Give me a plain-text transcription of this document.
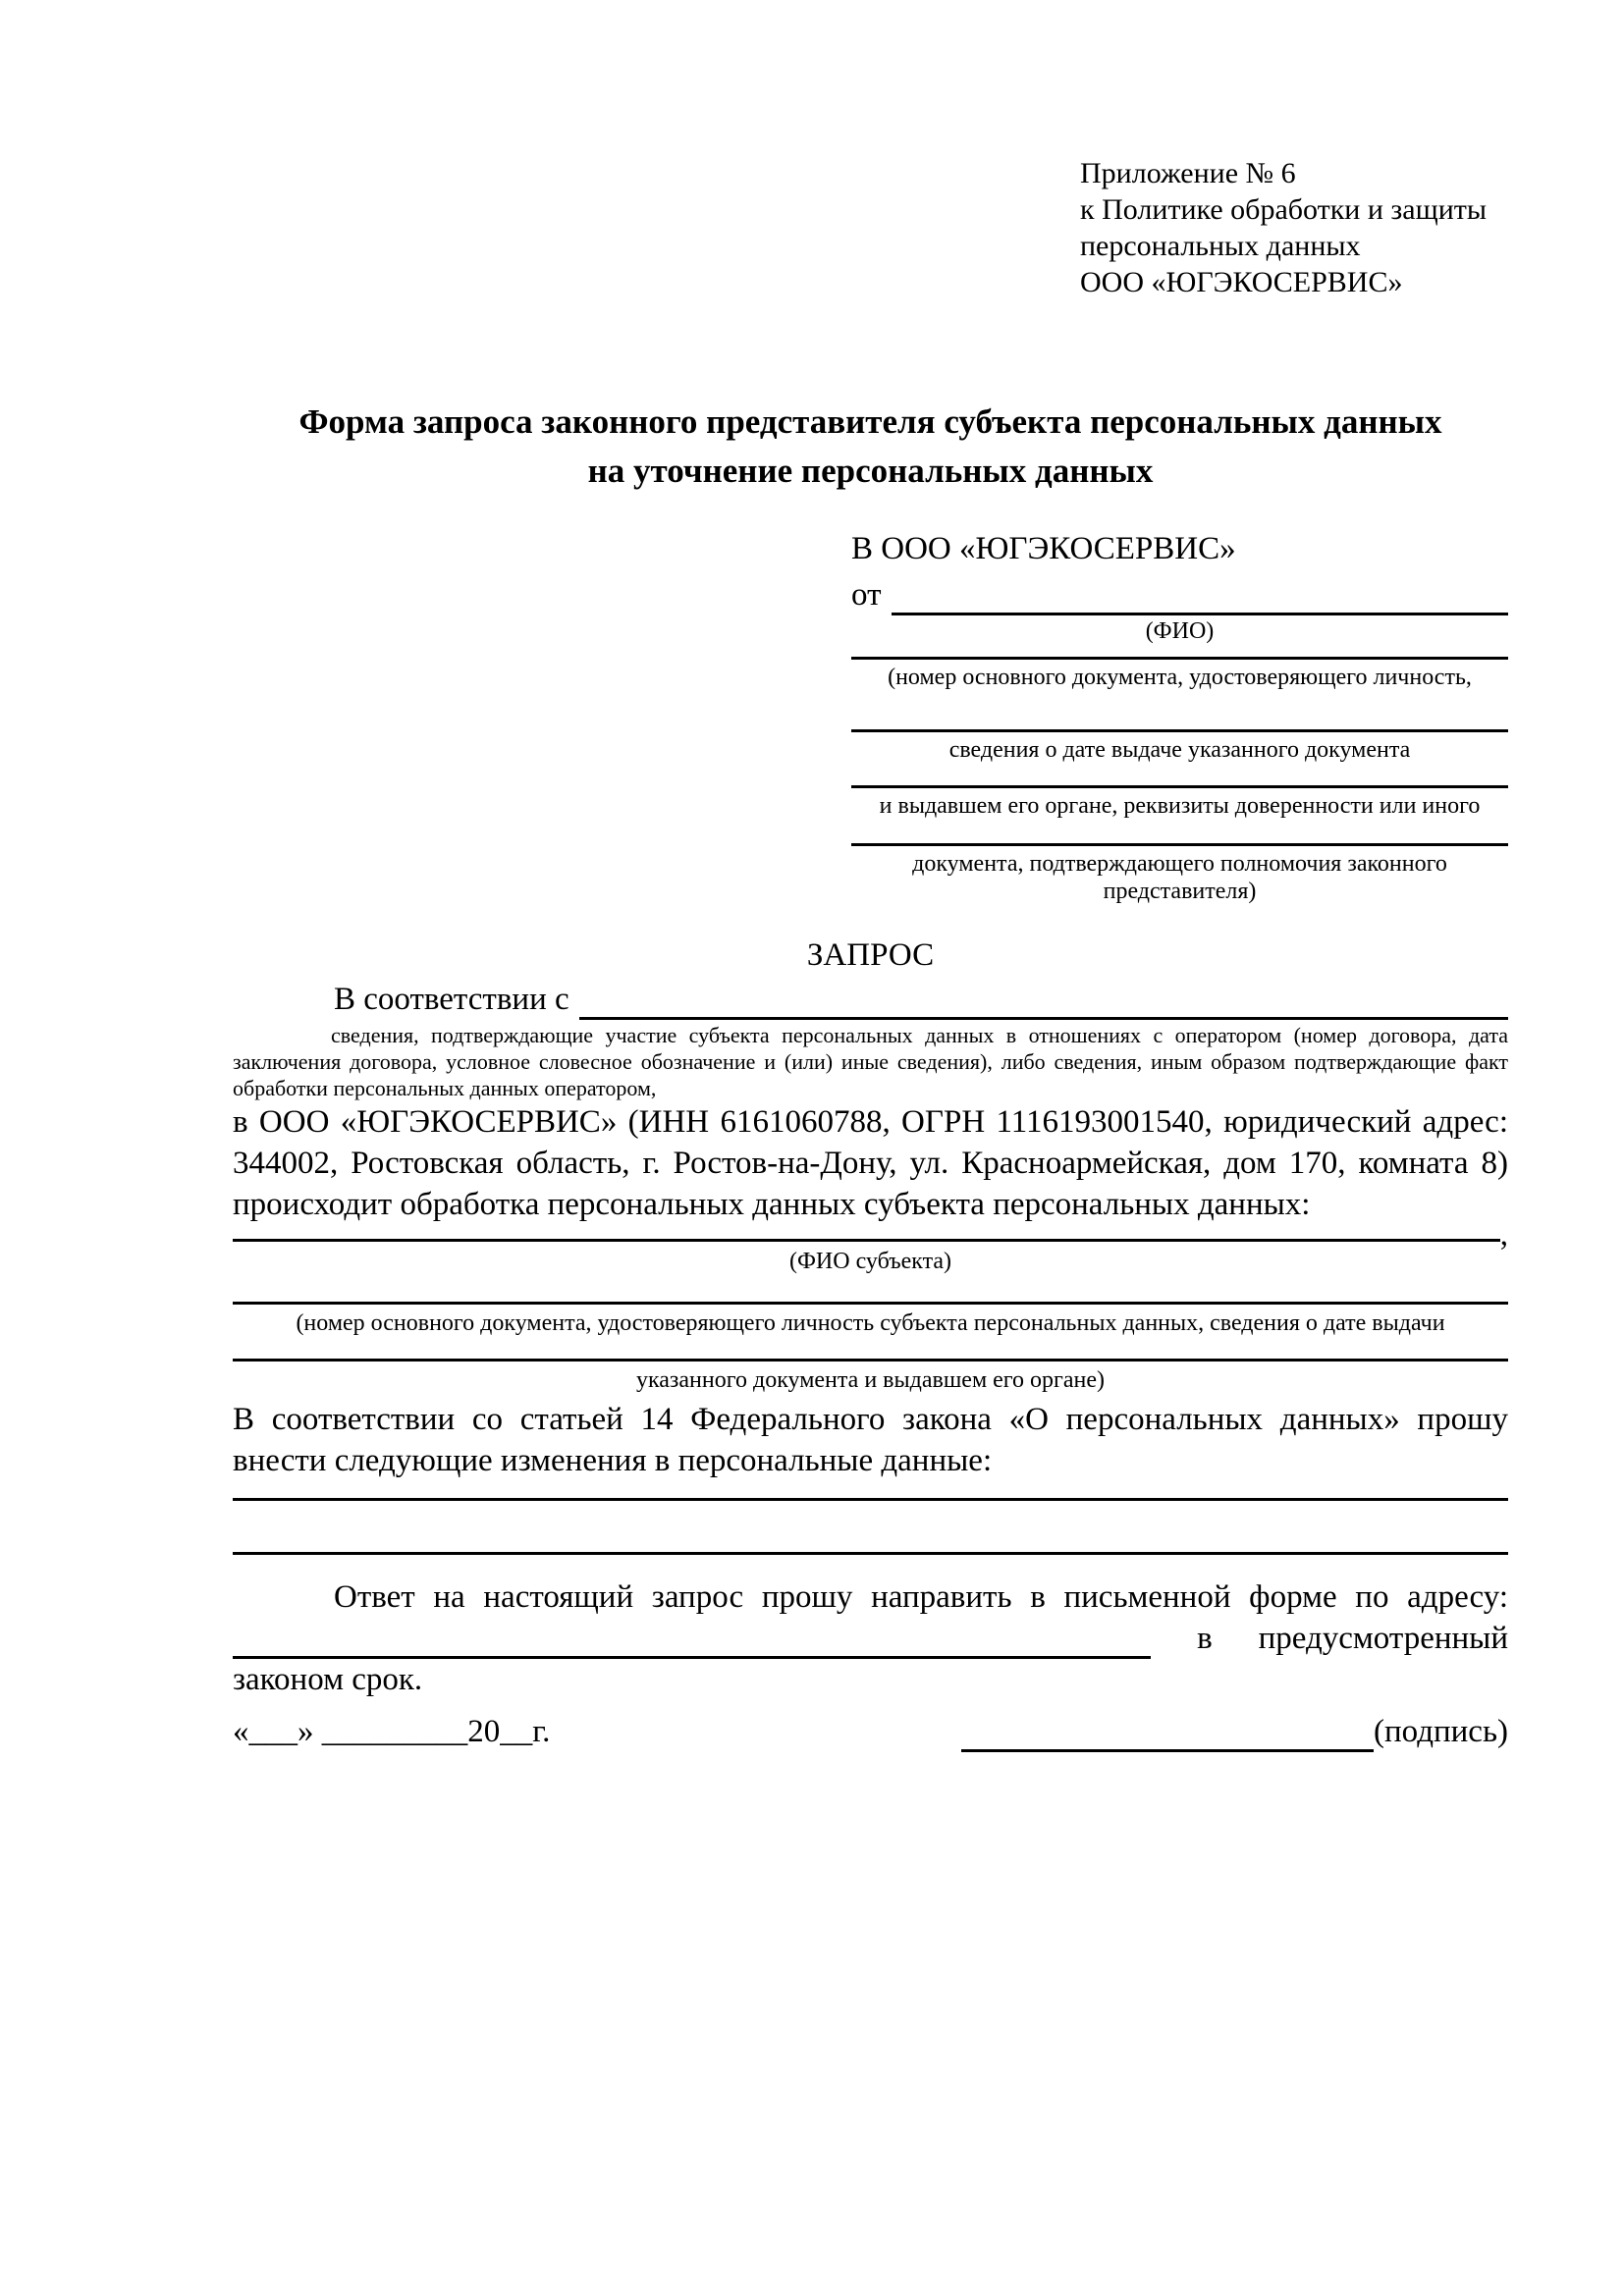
Приложение № 6
к Политике обработки и защиты
персональных данных
ООО «ЮГЭКОСЕРВИС»
Форма запроса законного представителя субъекта персональных данных
на уточнение персональных данных
В ООО «ЮГЭКОСЕРВИС»
от
(ФИО)
(номер основного документа, удостоверяющего личность,
сведения о дате выдаче указанного документа
и выдавшем его органе, реквизиты доверенности или иного
документа, подтверждающего полномочия законного представителя)
ЗАПРОС
В соответствии с
сведения, подтверждающие участие субъекта персональных данных в отношениях с оператором (номер договора, дата заключения договора, условное словесное обозначение и (или) иные сведения), либо сведения, иным образом подтверждающие факт обработки персональных данных оператором,
в ООО «ЮГЭКОСЕРВИС» (ИНН 6161060788, ОГРН 1116193001540, юридический адрес:
344002, Ростовская область, г. Ростов-на-Дону, ул. Красноармейская, дом 170, комната 8)
происходит обработка персональных данных субъекта персональных данных:
,
(ФИО субъекта)
(номер основного документа, удостоверяющего личность субъекта персональных данных, сведения о дате выдачи
указанного документа и выдавшем его органе)
В соответствии со статьей 14 Федерального закона «О персональных данных» прошу
внести следующие изменения в персональные данные:
Ответ на настоящий запрос прошу направить в письменной форме по адресу:
в предусмотренный
законом срок.
«___» _________20__г.	(подпись)
